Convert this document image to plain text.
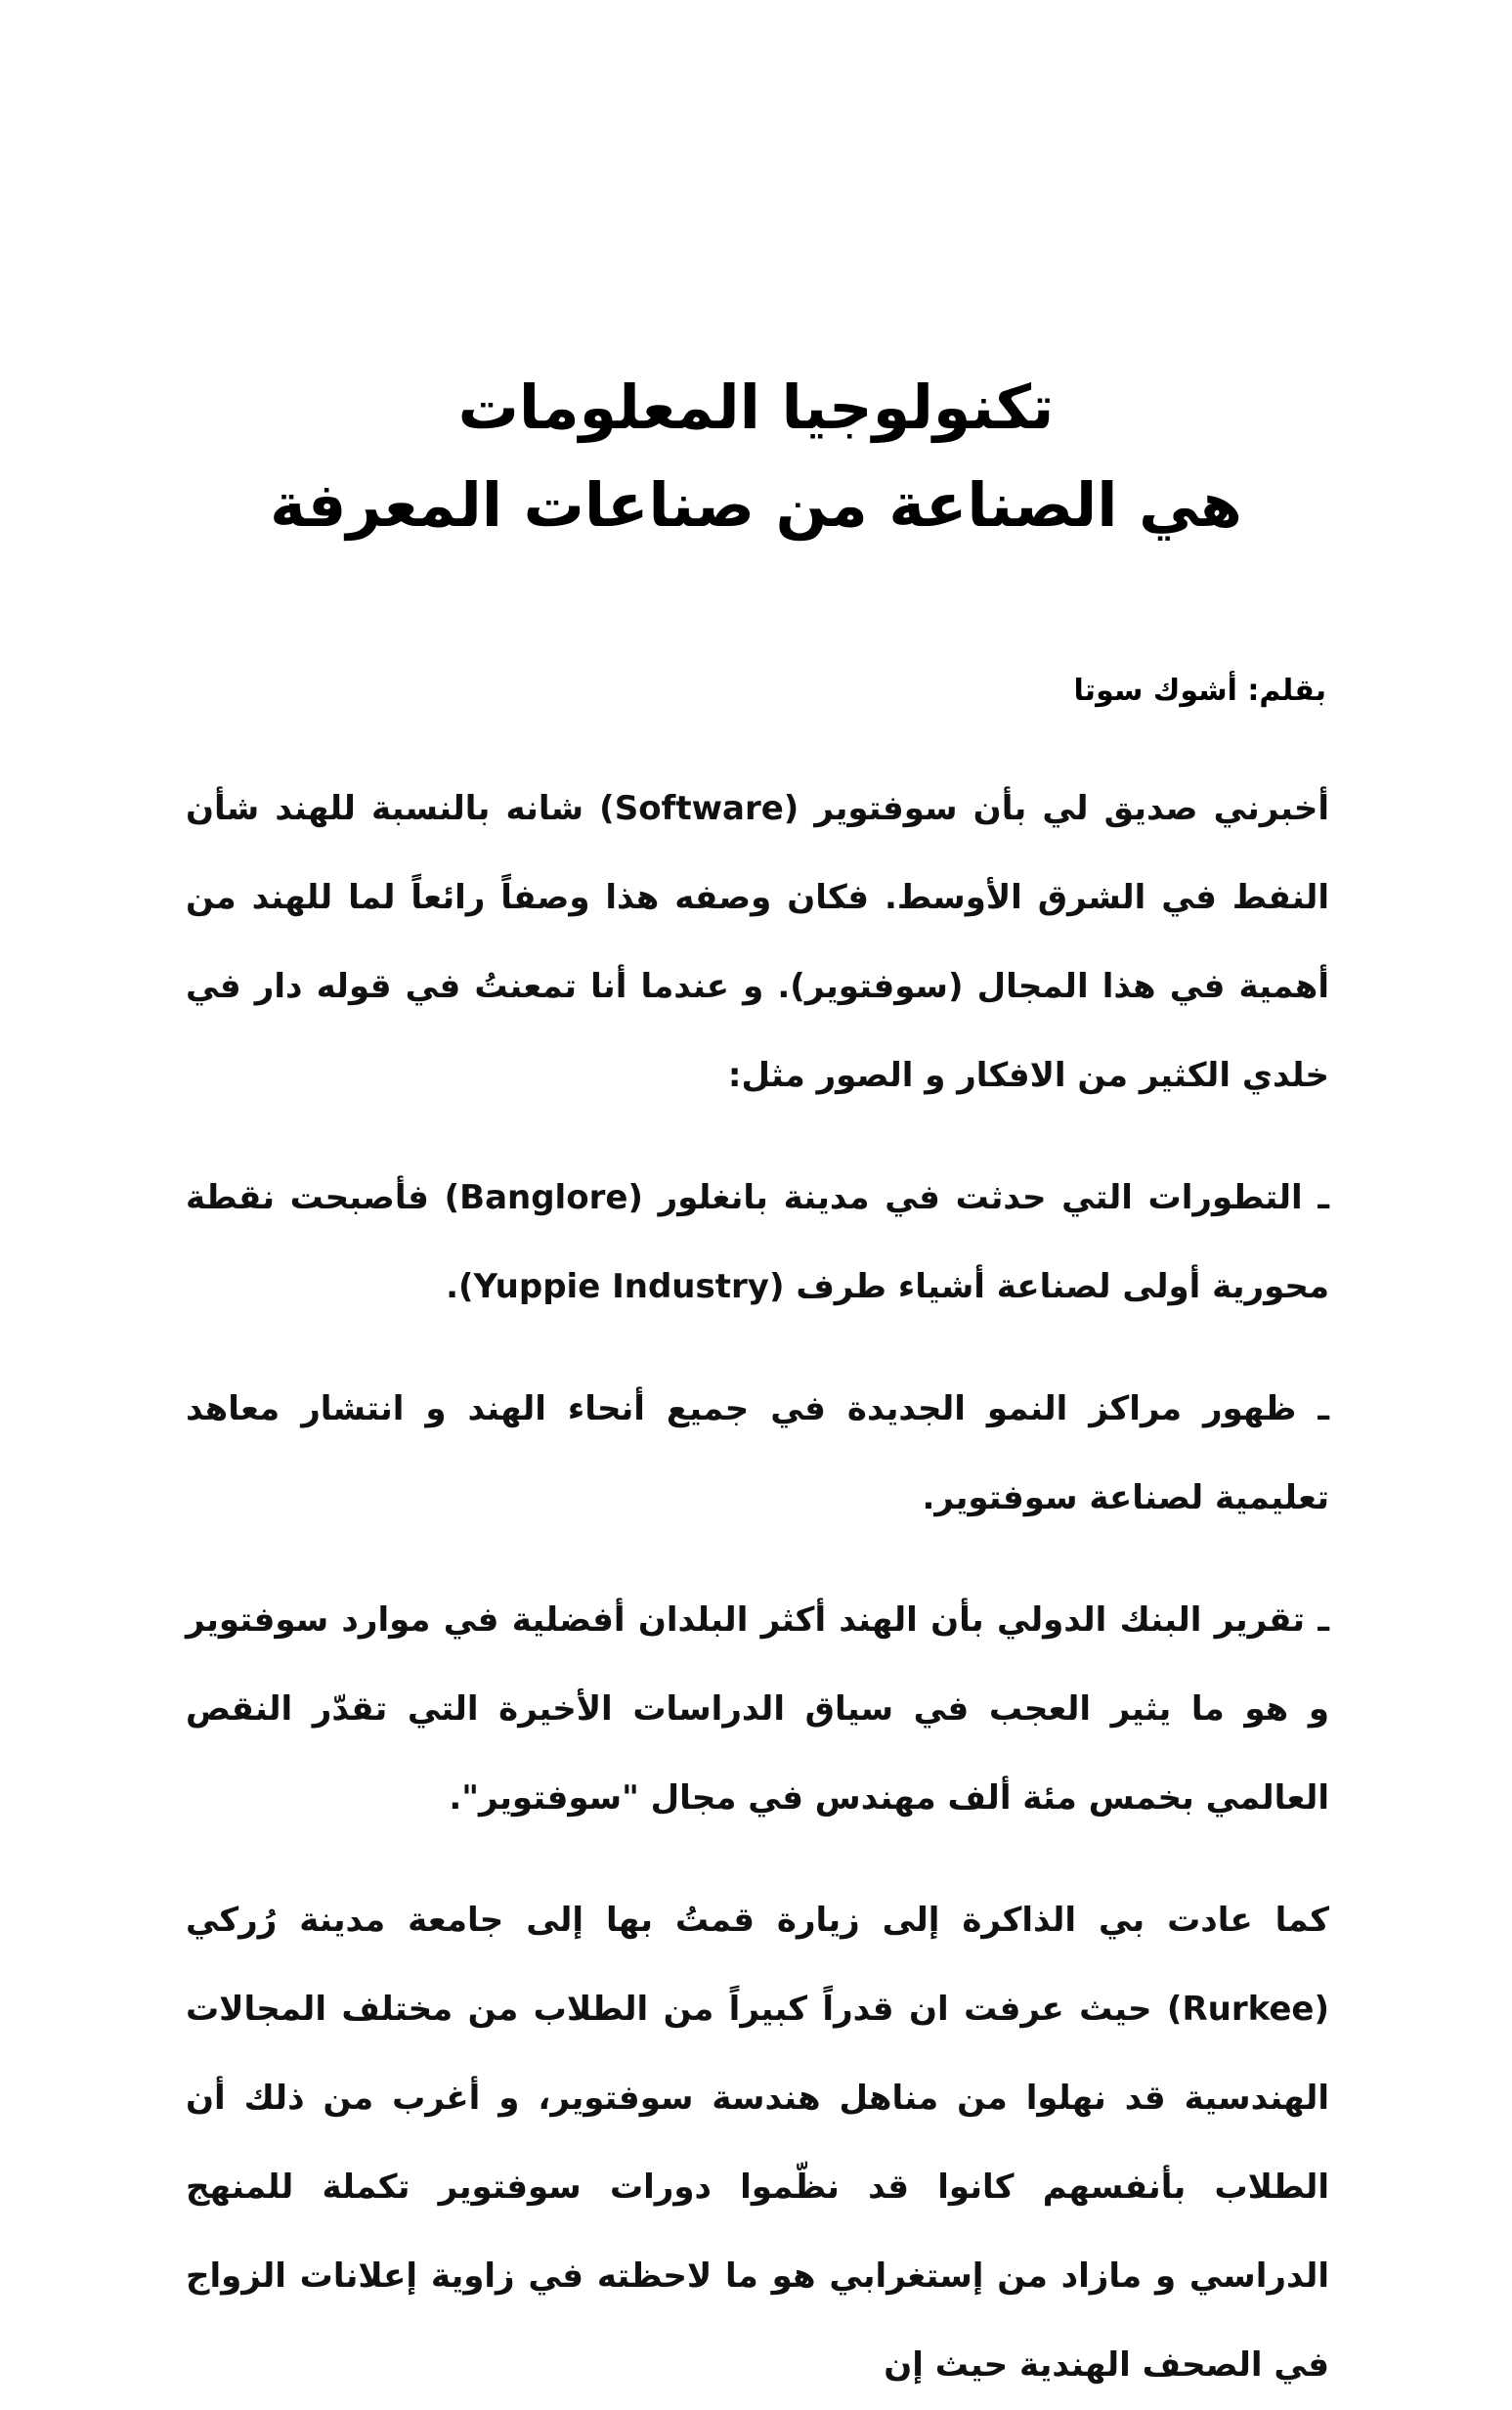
تكنولوجيا المعلومات
هي الصناعة من صناعات المعرفة
بقلم: أشوك سوتا

أخبرني صديق لي بأن سوفتوير (Software) شانه بالنسبة للهند شأن النفط في الشرق الأوسط. فكان وصفه هذا وصفاً رائعاً لما للهند من أهمية في هذا المجال (سوفتوير). و عندما أنا تمعنتُ في قوله دار في خلدي الكثير من الافكار و الصور مثل:

ـ التطورات التي حدثت في مدينة بانغلور (Banglore) فأصبحت نقطة محورية أولى لصناعة أشياء طرف (Yuppie Industry).

ـ ظهور مراكز النمو الجديدة في جميع أنحاء الهند و انتشار معاهد تعليمية لصناعة سوفتوير.

ـ تقرير البنك الدولي بأن الهند أكثر البلدان أفضلية في موارد سوفتوير و هو ما يثير العجب في سياق الدراسات الأخيرة التي تقدّر النقص العالمي بخمس مئة ألف مهندس في مجال "سوفتوير".

كما عادت بي الذاكرة إلى زيارة قمتُ بها إلى جامعة مدينة رُركي (Rurkee) حيث عرفت ان قدراً كبيراً من الطلاب من مختلف المجالات الهندسية قد نهلوا من مناهل هندسة سوفتوير، و أغرب من ذلك أن الطلاب بأنفسهم كانوا قد نظّموا دورات سوفتوير تكملة للمنهج الدراسي و مازاد من إستغرابي هو ما لاحظته في زاوية إعلانات الزواج في الصحف الهندية حيث إن
